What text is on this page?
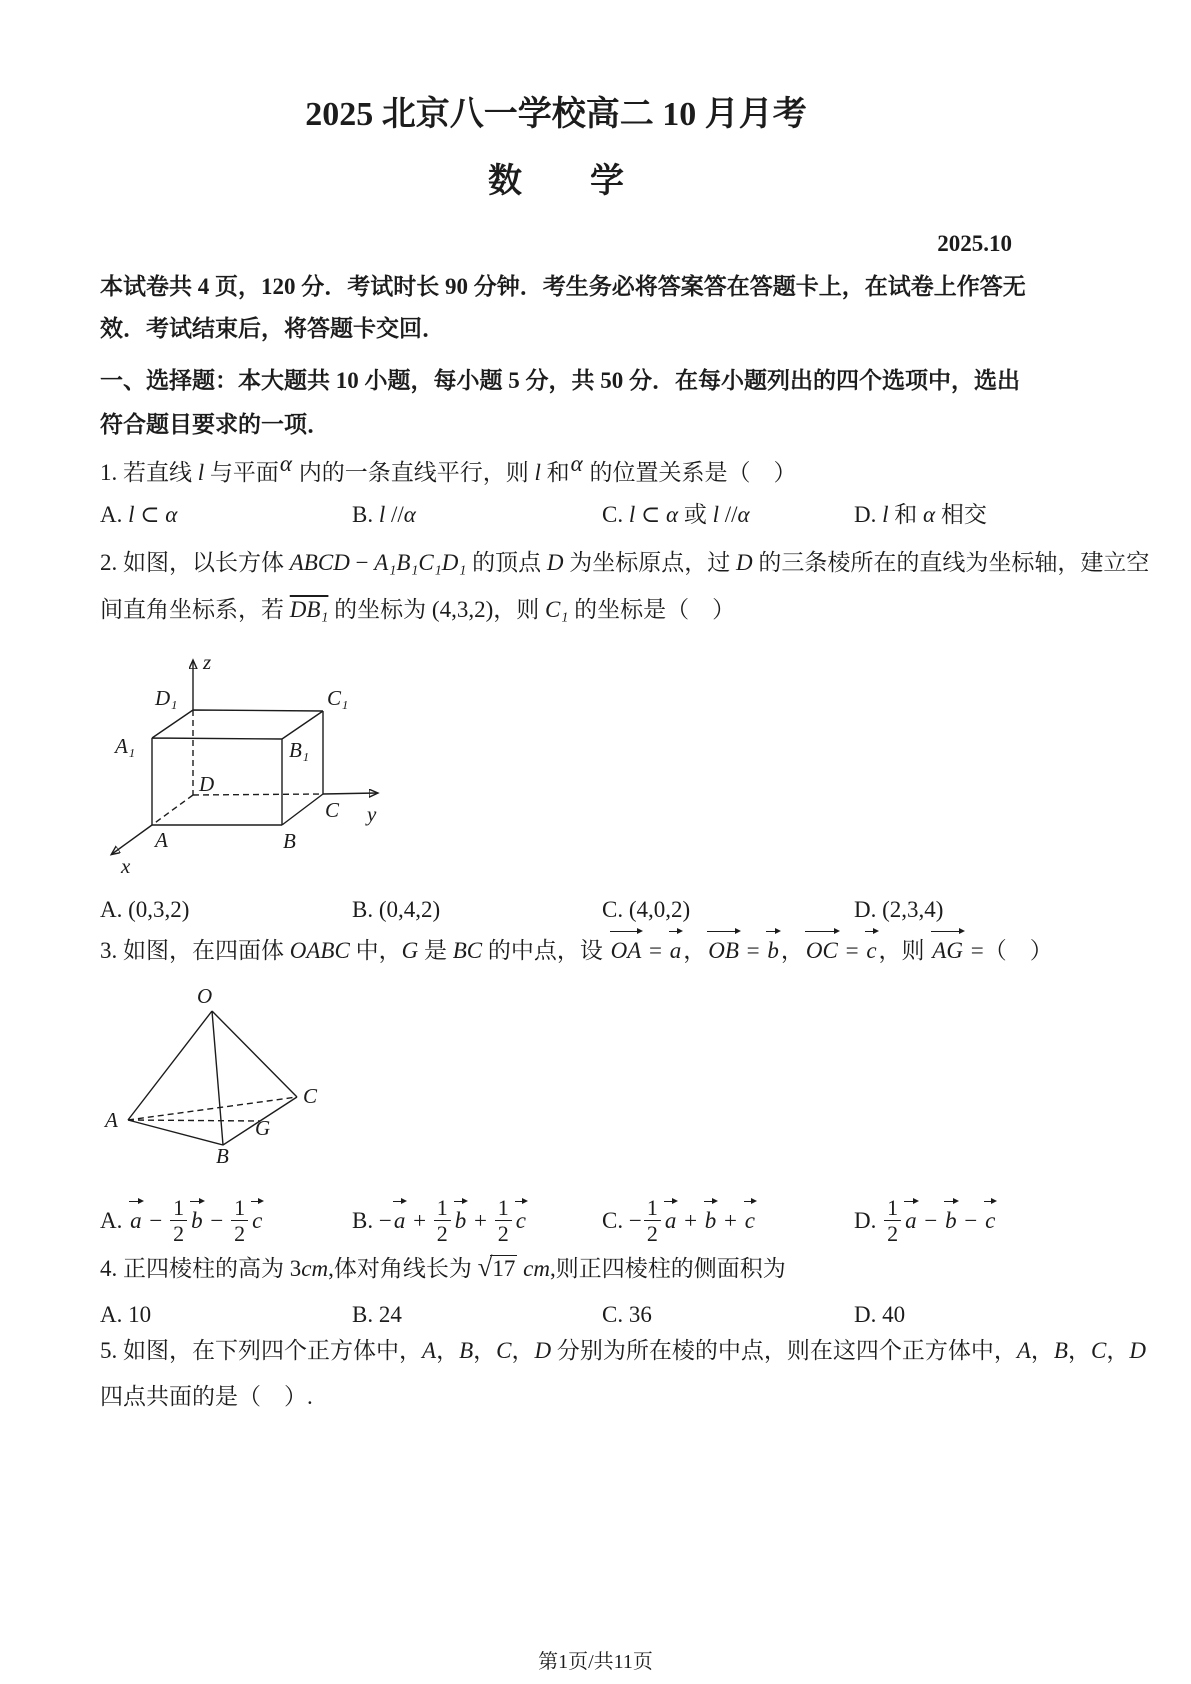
2025 北京八一学校高二 10 月月考
数　　学
2025.10
本试卷共 4 页，120 分．考试时长 90 分钟．考生务必将答案答在答题卡上，在试卷上作答无
效．考试结束后，将答题卡交回．
一、选择题：本大题共 10 小题，每小题 5 分，共 50 分．在每小题列出的四个选项中，选出
符合题目要求的一项．
1. 若直线 l 与平面α 内的一条直线平行，则 l 和α 的位置关系是（　）
A. l ⊂ α	B. l //α	C. l ⊂ α 或 l //α	D. l 和 α 相交
2. 如图，以长方体 ABCD − A₁B₁C₁D₁ 的顶点 D 为坐标原点，过 D 的三条棱所在的直线为坐标轴，建立空
间直角坐标系，若 DB₁ 的坐标为 (4,3,2)，则 C₁ 的坐标是（　）
z
y
x
D₁	C₁
A₁	B₁
D
C
A	B
A. (0,3,2)	B. (0,4,2)	C. (4,0,2)	D. (2,3,4)
3. 如图，在四面体 OABC 中，G 是 BC 的中点，设 OA = a，OB = b，OC = c，则 AG =（　）
O
A
B
C
G
A. $a - \frac{1}{2}$ $b - \frac{1}{2}$ c	B. $-a + \frac{1}{2}$ $b + \frac{1}{2}$ c	C. − $\frac{1}{2}$ a + b + c	D. $\frac{1}{2}$ a − b − c
4. 正四棱柱的高为 3cm,体对角线长为 √17 cm,则正四棱柱的侧面积为
A. 10	B. 24	C. 36	D. 40
5. 如图，在下列四个正方体中，A，B，C，D 分别为所在棱的中点，则在这四个正方体中，A，B，C，D
四点共面的是（　）.
第1页/共11页
